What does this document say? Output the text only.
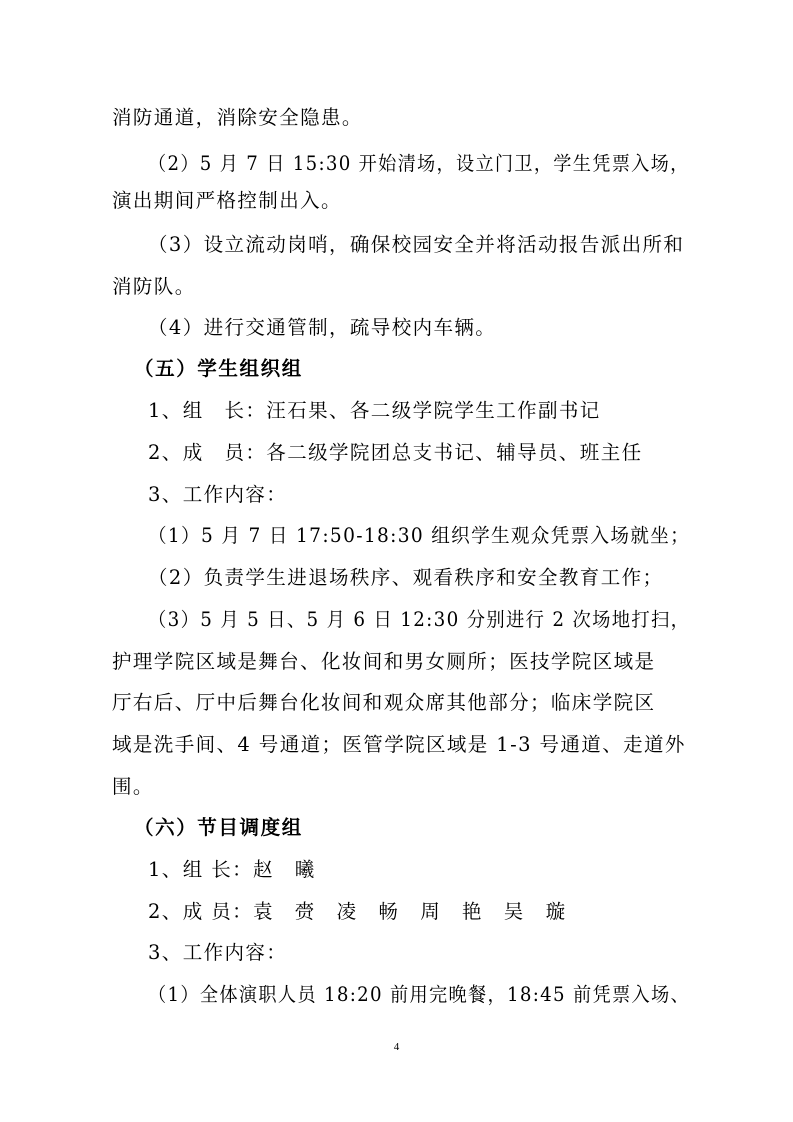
消防通道，消除安全隐患。
（2）5 月 7 日 15:30 开始清场，设立门卫，学生凭票入场，
演出期间严格控制出入。
（3）设立流动岗哨，确保校园安全并将活动报告派出所和
消防队。
（4）进行交通管制，疏导校内车辆。
（五）学生组织组
1、组　长：汪石果、各二级学院学生工作副书记
2、成　员：各二级学院团总支书记、辅导员、班主任
3、工作内容：
（1）5 月 7 日 17:50-18:30 组织学生观众凭票入场就坐；
（2）负责学生进退场秩序、观看秩序和安全教育工作；
（3）5 月 5 日、5 月 6 日 12:30 分别进行 2 次场地打扫，
护理学院区域是舞台、化妆间和男女厕所；医技学院区域是
厅右后、厅中后舞台化妆间和观众席其他部分；临床学院区
域是洗手间、4 号通道；医管学院区域是 1-3 号通道、走道外
围。
（六）节目调度组
1、组 长：赵　曦
2、成 员：袁　赍　凌　畅　周　艳　吴　璇
3、工作内容：
（1）全体演职人员 18:20 前用完晚餐，18:45 前凭票入场、
4
